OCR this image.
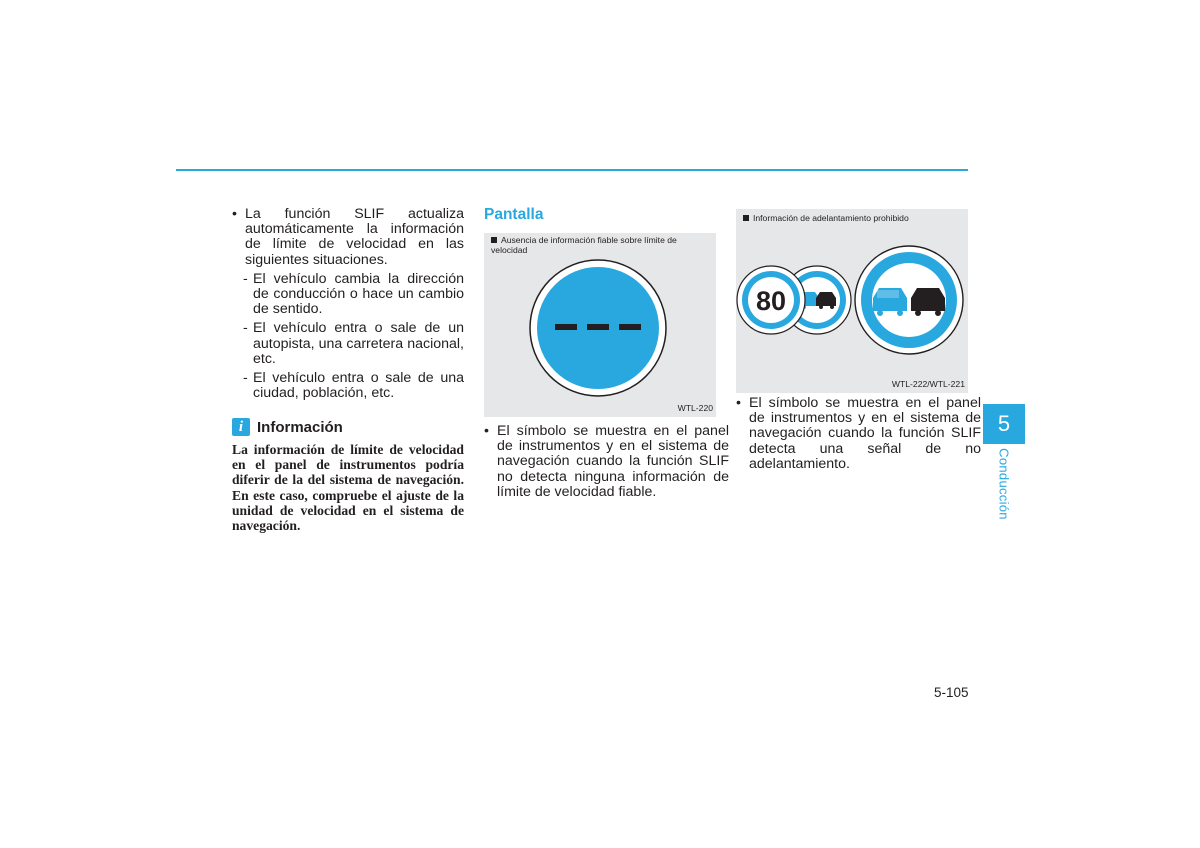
• La función SLIF actualiza automáticamente la información de límite de velocidad en las siguientes situaciones.
- El vehículo cambia la dirección de conducción o hace un cambio de sentido.
- El vehículo entra o sale de un autopista, una carretera nacional, etc.
- El vehículo entra o sale de una ciudad, población, etc.
i Información
La información de límite de velocidad en el panel de instrumentos podría diferir de la del sistema de navegación. En este caso, compruebe el ajuste de la unidad de velocidad en el sistema de navegación.
Pantalla
Ausencia de información fiable sobre límite de velocidad
WTL-220
• El símbolo se muestra en el panel de instrumentos y en el sistema de navegación cuando la función SLIF no detecta ninguna información de límite de velocidad fiable.
Información de adelantamiento prohibido
80
WTL-222/WTL-221
• El símbolo se muestra en el panel de instrumentos y en el sistema de navegación cuando la función SLIF detecta una señal de no adelantamiento.
5
Conducción
5-105
